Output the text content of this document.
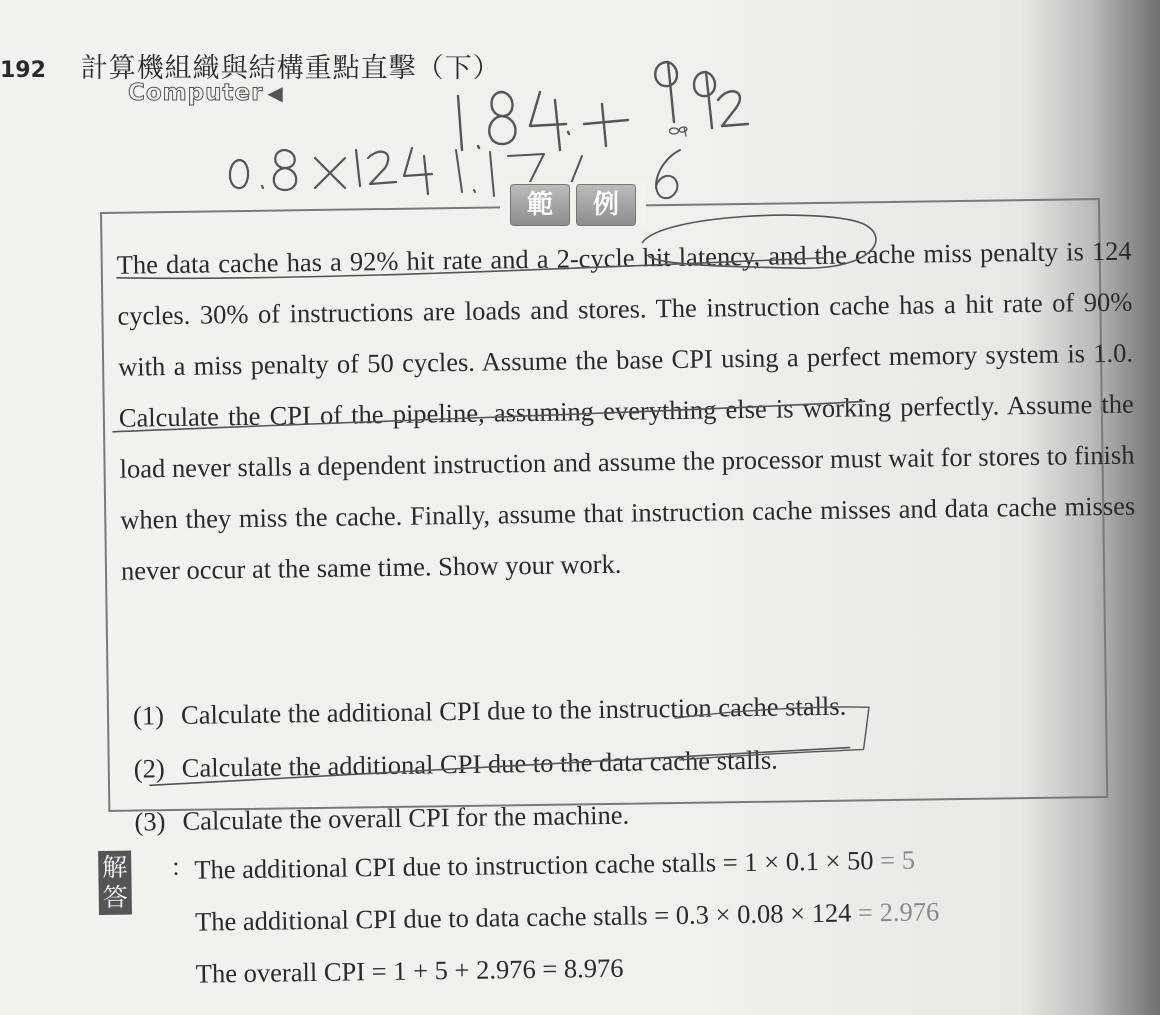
192 計算機組織與結構重點直擊（下）
Computer ◀
範	例

The data cache has a 92% hit rate and a 2-cycle hit latency, and the cache miss penalty is 124 cycles. 30% of instructions are loads and stores. The instruction cache has a hit rate of 90% with a miss penalty of 50 cycles. Assume the base CPI using a perfect memory system is 1.0. Calculate the CPI of the pipeline, assuming everything else is working perfectly. Assume the load never stalls a dependent instruction and assume the processor must wait for stores to finish when they miss the cache. Finally, assume that instruction cache misses and data cache misses never occur at the same time. Show your work.

(1) Calculate the additional CPI due to the instruction cache stalls.
(2) Calculate the additional CPI due to the data cache stalls.
(3) Calculate the overall CPI for the machine.
解答
： The additional CPI due to instruction cache stalls = 1 × 0.1 × 50 = 5
The additional CPI due to data cache stalls = 0.3 × 0.08 × 124 = 2.976
The overall CPI = 1 + 5 + 2.976 = 8.976
